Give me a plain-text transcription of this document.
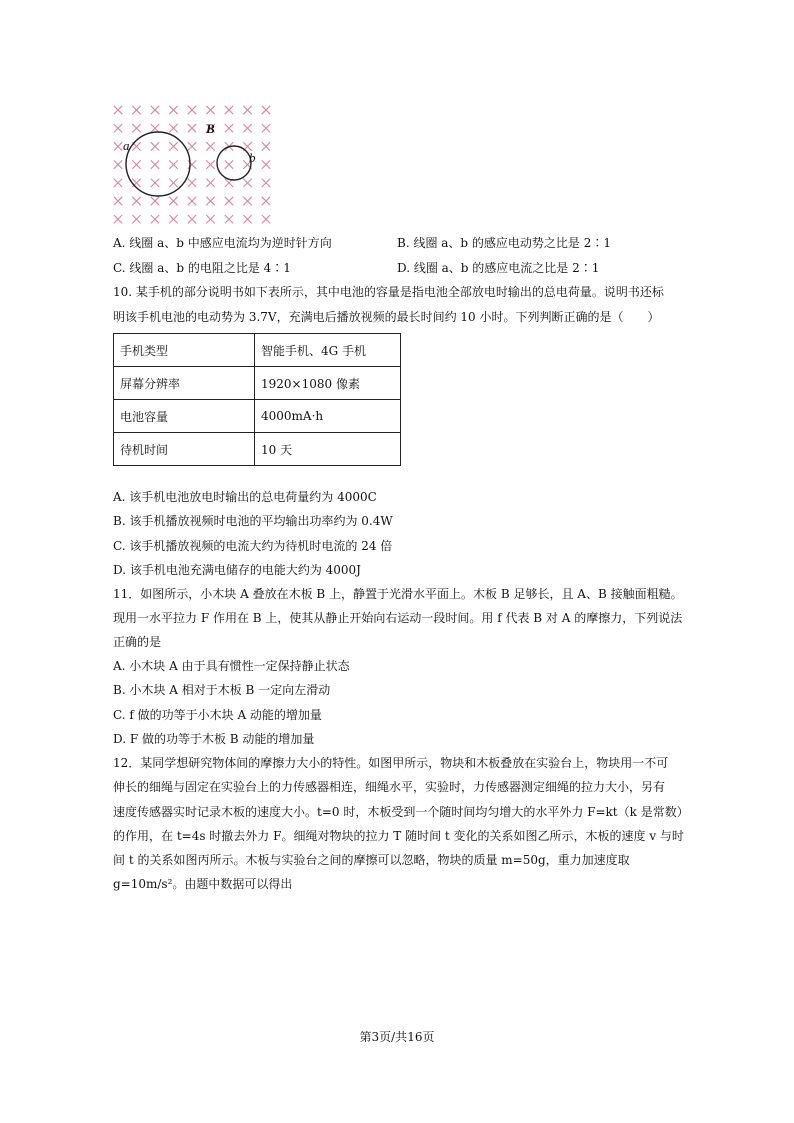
B
a
b
A. 线圈 a、b 中感应电流均为逆时针方向	B. 线圈 a、b 的感应电动势之比是 2∶1
C. 线圈 a、b 的电阻之比是 4∶1	D. 线圈 a、b 的感应电流之比是 2∶1
10. 某手机的部分说明书如下表所示，其中电池的容量是指电池全部放电时输出的总电荷量。说明书还标
明该手机电池的电动势为 3.7V，充满电后播放视频的最长时间约 10 小时。下列判断正确的是（　　）
手机类型	智能手机、4G 手机
屏幕分辨率	1920×1080 像素
电池容量	4000mA·h
待机时间	10 天
A. 该手机电池放电时输出的总电荷量约为 4000C
B. 该手机播放视频时电池的平均输出功率约为 0.4W
C. 该手机播放视频的电流大约为待机时电流的 24 倍
D. 该手机电池充满电储存的电能大约为 4000J
11．如图所示，小木块 A 叠放在木板 B 上，静置于光滑水平面上。木板 B 足够长，且 A、B 接触面粗糙。
现用一水平拉力 F 作用在 B 上，使其从静止开始向右运动一段时间。用 f 代表 B 对 A 的摩擦力，下列说法
正确的是
A. 小木块 A 由于具有惯性一定保持静止状态
B. 小木块 A 相对于木板 B 一定向左滑动
C. f 做的功等于小木块 A 动能的增加量
D. F 做的功等于木板 B 动能的增加量
12．某同学想研究物体间的摩擦力大小的特性。如图甲所示，物块和木板叠放在实验台上，物块用一不可
伸长的细绳与固定在实验台上的力传感器相连，细绳水平，实验时，力传感器测定细绳的拉力大小，另有
速度传感器实时记录木板的速度大小。t=0 时，木板受到一个随时间均匀增大的水平外力 F=kt（k 是常数）
的作用，在 t=4s 时撤去外力 F。细绳对物块的拉力 T 随时间 t 变化的关系如图乙所示，木板的速度 v 与时
间 t 的关系如图丙所示。木板与实验台之间的摩擦可以忽略，物块的质量 m=50g，重力加速度取
g=10m/s²。由题中数据可以得出
第3页/共16页
